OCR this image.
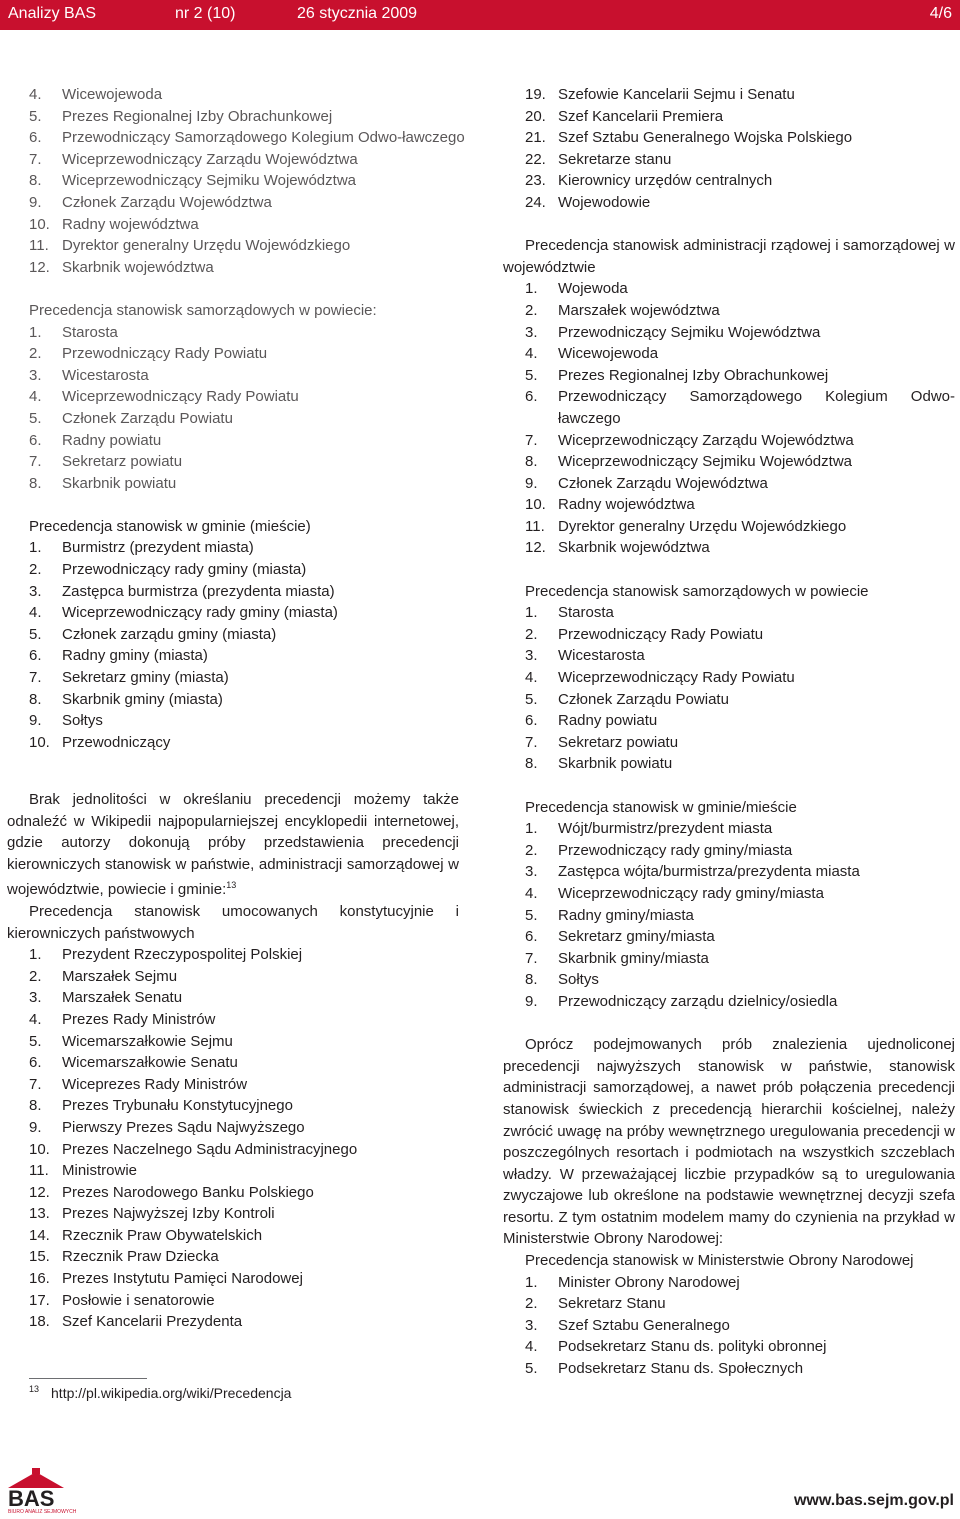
Analizy BAS	nr 2 (10)	26 stycznia 2009	4/6
4. Wicewojewoda
5. Prezes Regionalnej Izby Obrachunkowej
6.	Przewodniczący Samorządowego Kolegium Odwo-ławczego
7. Wiceprzewodniczący Zarządu Województwa
8. Wiceprzewodniczący Sejmiku Województwa
9. Członek Zarządu Województwa
10. Radny województwa
11. Dyrektor generalny Urzędu Wojewódzkiego
12. Skarbnik województwa
Precedencja stanowisk samorządowych w powiecie:
1. Starosta
2. Przewodniczący Rady Powiatu
3. Wicestarosta
4. Wiceprzewodniczący Rady Powiatu
5. Członek Zarządu Powiatu
6. Radny powiatu
7. Sekretarz powiatu
8. Skarbnik powiatu
Precedencja stanowisk w gminie (mieście)
1. Burmistrz (prezydent miasta)
2. Przewodniczący rady gminy (miasta)
3. Zastępca burmistrza (prezydenta miasta)
4. Wiceprzewodniczący rady gminy (miasta)
5. Członek zarządu gminy (miasta)
6. Radny gminy (miasta)
7. Sekretarz gminy (miasta)
8. Skarbnik gminy (miasta)
9. Sołtys
10. Przewodniczący
Brak jednolitości w określaniu precedencji możemy także odnaleźć w Wikipedii najpopularniejszej encyklopedii internetowej, gdzie autorzy dokonują próby przedstawienia precedencji kierowniczych stanowisk w państwie, administracji samorządowej w województwie, powiecie i gminie:$^{13}$
Precedencja stanowisk umocowanych konstytucyjnie i kierowniczych państwowych
1. Prezydent Rzeczypospolitej Polskiej
2. Marszałek Sejmu
3. Marszałek Senatu
4. Prezes Rady Ministrów
5. Wicemarszałkowie Sejmu
6. Wicemarszałkowie Senatu
7. Wiceprezes Rady Ministrów
8. Prezes Trybunału Konstytucyjnego
9. Pierwszy Prezes Sądu Najwyższego
10. Prezes Naczelnego Sądu Administracyjnego
11. Ministrowie
12. Prezes Narodowego Banku Polskiego
13. Prezes Najwyższej Izby Kontroli
14. Rzecznik Praw Obywatelskich
15. Rzecznik Praw Dziecka
16. Prezes Instytutu Pamięci Narodowej
17. Posłowie i senatorowie
18. Szef Kancelarii Prezydenta
19. Szefowie Kancelarii Sejmu i Senatu
20. Szef Kancelarii Premiera
21. Szef Sztabu Generalnego Wojska Polskiego
22. Sekretarze stanu
23. Kierownicy urzędów centralnych
24. Wojewodowie
Precedencja stanowisk administracji rządowej i samorządowej w województwie
1. Wojewoda
2. Marszałek województwa
3. Przewodniczący Sejmiku Województwa
4. Wicewojewoda
5. Prezes Regionalnej Izby Obrachunkowej
6.	Przewodniczący Samorządowego Kolegium Odwo-ławczego
7. Wiceprzewodniczący Zarządu Województwa
8. Wiceprzewodniczący Sejmiku Województwa
9. Członek Zarządu Województwa
10. Radny województwa
11. Dyrektor generalny Urzędu Wojewódzkiego
12. Skarbnik województwa
Precedencja stanowisk samorządowych w powiecie
1. Starosta
2. Przewodniczący Rady Powiatu
3. Wicestarosta
4. Wiceprzewodniczący Rady Powiatu
5. Członek Zarządu Powiatu
6. Radny powiatu
7. Sekretarz powiatu
8. Skarbnik powiatu
Precedencja stanowisk w gminie/mieście
1. Wójt/burmistrz/prezydent miasta
2. Przewodniczący rady gminy/miasta
3. Zastępca wójta/burmistrza/prezydenta miasta
4. Wiceprzewodniczący rady gminy/miasta
5. Radny gminy/miasta
6. Sekretarz gminy/miasta
7. Skarbnik gminy/miasta
8. Sołtys
9. Przewodniczący zarządu dzielnicy/osiedla
Oprócz podejmowanych prób znalezienia ujednoliconej precedencji najwyższych stanowisk w państwie, stanowisk administracji samorządowej, a nawet prób połączenia precedencji stanowisk świeckich z precedencją hierarchii kościelnej, należy zwrócić uwagę na próby wewnętrznego uregulowania precedencji w poszczególnych resortach i podmiotach na wszystkich szczeblach władzy. W przeważającej liczbie przypadków są to uregulowania zwyczajowe lub określone na podstawie wewnętrznej decyzji szefa resortu. Z tym ostatnim modelem mamy do czynienia na przykład w Ministerstwie Obrony Narodowej:
Precedencja stanowisk w Ministerstwie Obrony Narodowej
1. Minister Obrony Narodowej
2. Sekretarz Stanu
3. Szef Sztabu Generalnego
4. Podsekretarz Stanu ds. polityki obronnej
5. Podsekretarz Stanu ds. Społecznych
$^{13}$ http://pl.wikipedia.org/wiki/Precedencja
BAS
BIURO ANALIZ SEJMOWYCH
www.bas.sejm.gov.pl
